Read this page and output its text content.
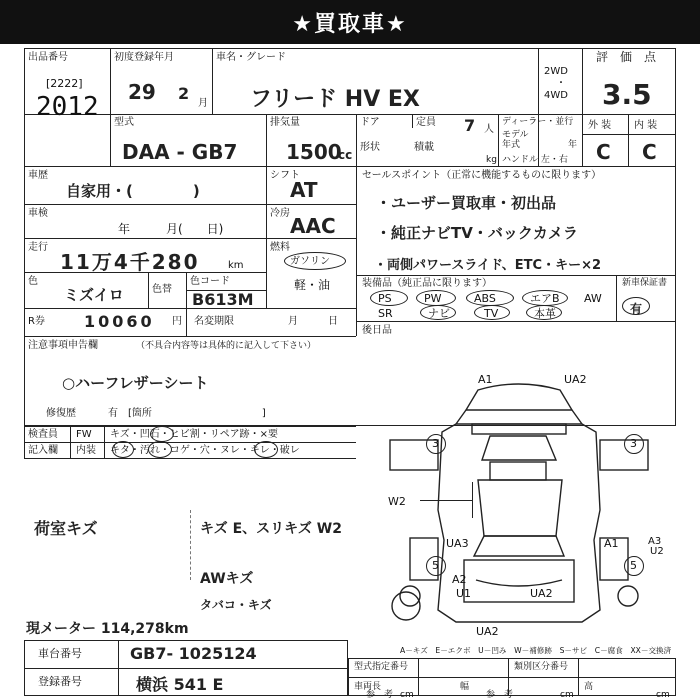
★買取車★
出品番号
[2222]
2012
初度登録年月
29 2
月
車名・グレード
フリード HV EX
2WD
・
4WD
評　価　点
3.5
型式
DAA - GB7
排気量
1500
cc
ドア	定員 7 人
ディーラー・並行
モデル
年式	年
形状	積載
kg ハンドル 左・右
外 装 内 装
C C
車歴
自家用・(　　　　)
車検
年　　　月(　　日)
走行
11万4千280	km
色
ミズイロ	色替
色コード
B613M
R券 10060 円 名変期限	月　　　日
注意事項申告欄	（不具合内容等は具体的に記入して下さい）
○ハーフレザーシート
修復歴	有　[箇所　　　　　　　　　　　]
シフト
AT
冷房
AAC
燃料
ガソリン
軽・油
セールスポイント（正常に機能するものに限ります）
・ユーザー買取車・初出品
・純正ナビTV・バックカメラ
・両側パワースライド、ETC・キー×2
装備品（純正品に限ります）	新車保証書
有
PS	PW	ABS	エアB AW
SR	ナビ	TV	本革
後日品
検査員
記入欄
FW キズ・凹石・ヒビ割・リペア跡・×要
内装 キタ・汚れ・コゲ・穴・ヌレ・キレ・破レ
荷室キズ	キズ E、スリキズ W2
AWキズ
タバコ・キズ
現メーター 114,278km
A1	UA2
3	3
W2
UA3	A1	A3
U2
5	5
A2
U1	UA2
UA2
A－キズ　E－エクボ　U－凹み　W－補修跡　S－サビ　C－腐食　XX－交換済
車台番号	GB7- 1025124
登録番号	横浜 541 E
型式指定番号	類別区分番号
車両長	幅	高
参　考	参　考
cm	cm	cm
